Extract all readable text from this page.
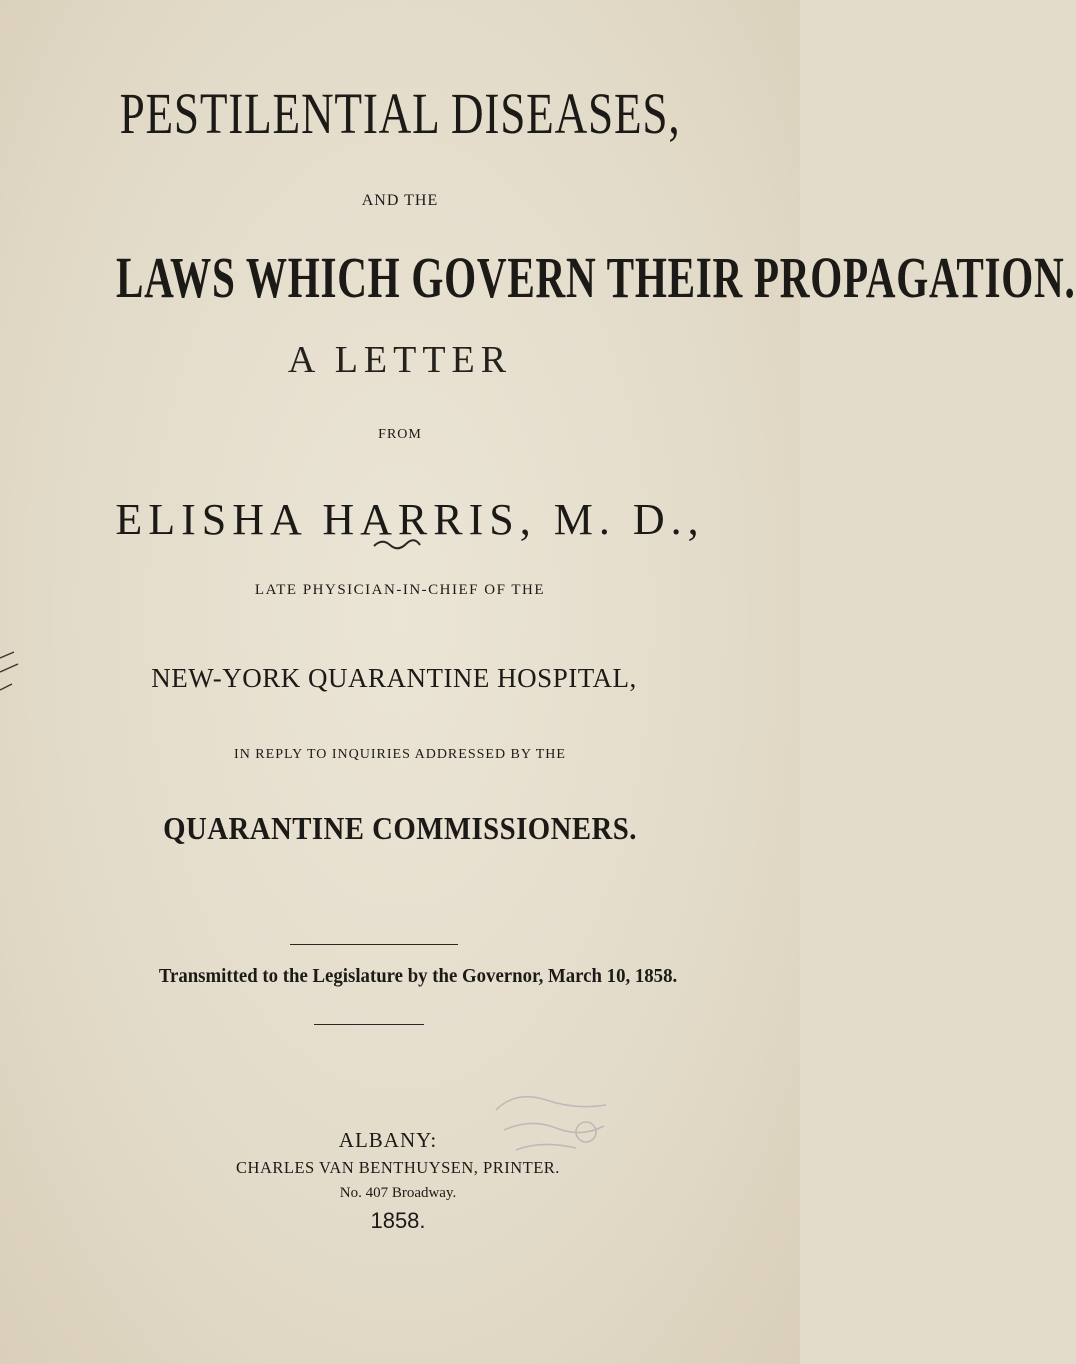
PESTILENTIAL DISEASES,
AND THE
LAWS WHICH GOVERN THEIR PROPAGATION.
A LETTER
FROM
ELISHA HARRIS, M. D.,
LATE PHYSICIAN-IN-CHIEF OF THE
NEW-YORK QUARANTINE HOSPITAL,
IN REPLY TO INQUIRIES ADDRESSED BY THE
QUARANTINE COMMISSIONERS.
Transmitted to the Legislature by the Governor, March 10, 1858.
ALBANY:
CHARLES VAN BENTHUYSEN, PRINTER.
No. 407 Broadway.
1858.
